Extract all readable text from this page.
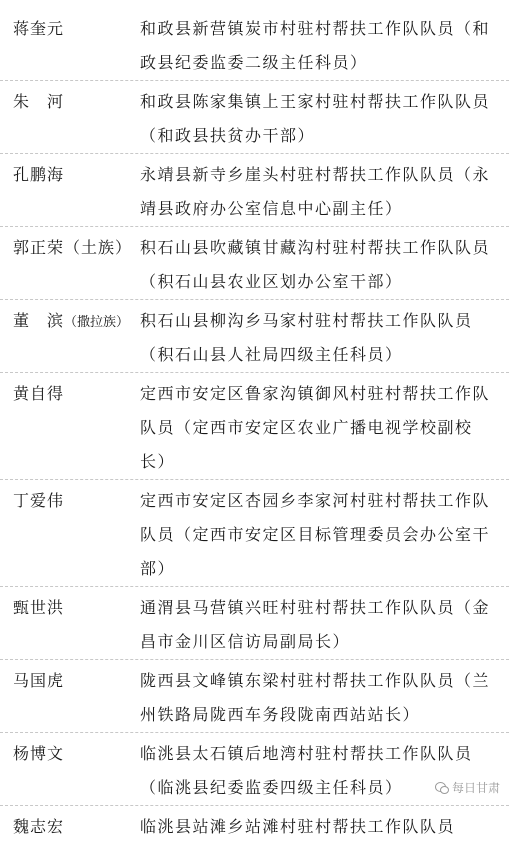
蒋奎元	和政县新营镇炭市村驻村帮扶工作队队员（和政县纪委监委二级主任科员）
朱　河	和政县陈家集镇上王家村驻村帮扶工作队队员（和政县扶贫办干部）
孔鹏海	永靖县新寺乡崖头村驻村帮扶工作队队员（永靖县政府办公室信息中心副主任）
郭正荣（土族） 积石山县吹藏镇甘藏沟村驻村帮扶工作队队员（积石山县农业区划办公室干部）
董　滨（撒拉族） 积石山县柳沟乡马家村驻村帮扶工作队队员（积石山县人社局四级主任科员）
黄自得	定西市安定区鲁家沟镇御风村驻村帮扶工作队队员（定西市安定区农业广播电视学校副校长）
丁爱伟	定西市安定区杏园乡李家河村驻村帮扶工作队队员（定西市安定区目标管理委员会办公室干部）
甄世洪	通渭县马营镇兴旺村驻村帮扶工作队队员（金昌市金川区信访局副局长）
马国虎	陇西县文峰镇东梁村驻村帮扶工作队队员（兰州铁路局陇西车务段陇南西站站长）
杨博文	临洮县太石镇后地湾村驻村帮扶工作队队员（临洮县纪委监委四级主任科员）
魏志宏	临洮县站滩乡站滩村驻村帮扶工作队队员
每日甘肃
